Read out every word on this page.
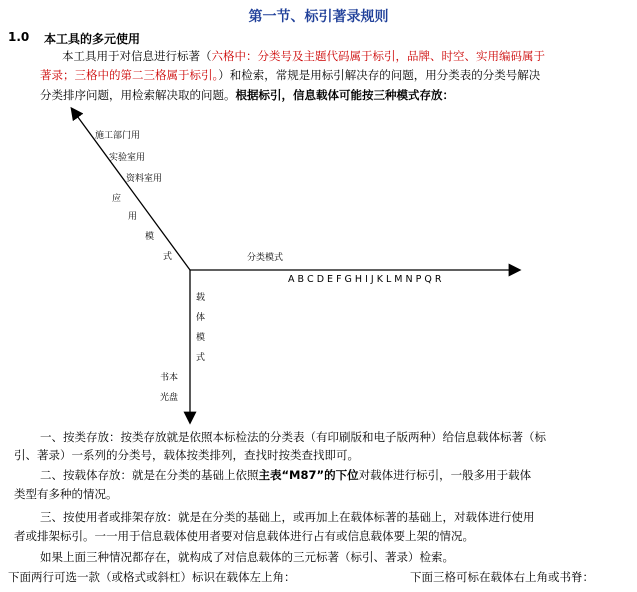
第一节、标引著录规则
1.0 本工具的多元使用
本工具用于对信息进行标著（六格中：分类号及主题代码属于标引，品牌、时空、实用编码属于
著录；三格中的第二三格属于标引。）和检索，常规是用标引解决存的问题，用分类表的分类号解决
分类排序问题，用检索解决取的问题。根据标引，信息载体可能按三种模式存放：
施工部门用
实验室用
资料室用
应
用
模
式	分类模式
A B C D E F G H I J K L M N P Q R
载
体
模
式
书本
光盘
一、按类存放：按类存放就是依照本标检法的分类表（有印刷版和电子版两种）给信息载体标著（标
引、著录）一系列的分类号，载体按类排列，查找时按类查找即可。
二、按载体存放：就是在分类的基础上依照主表“M87”的下位对载体进行标引，一般多用于载体
类型有多种的情况。
三、按使用者或排架存放：就是在分类的基础上，或再加上在载体标著的基础上，对载体进行使用
者或排架标引。一一用于信息载体使用者要对信息载体进行占有或信息载体要上架的情况。
如果上面三种情况都存在，就构成了对信息载体的三元标著（标引、著录）检索。
下面两行可选一款（或格式或斜杠）标识在载体左上角：	下面三格可标在载体右上角或书脊：
